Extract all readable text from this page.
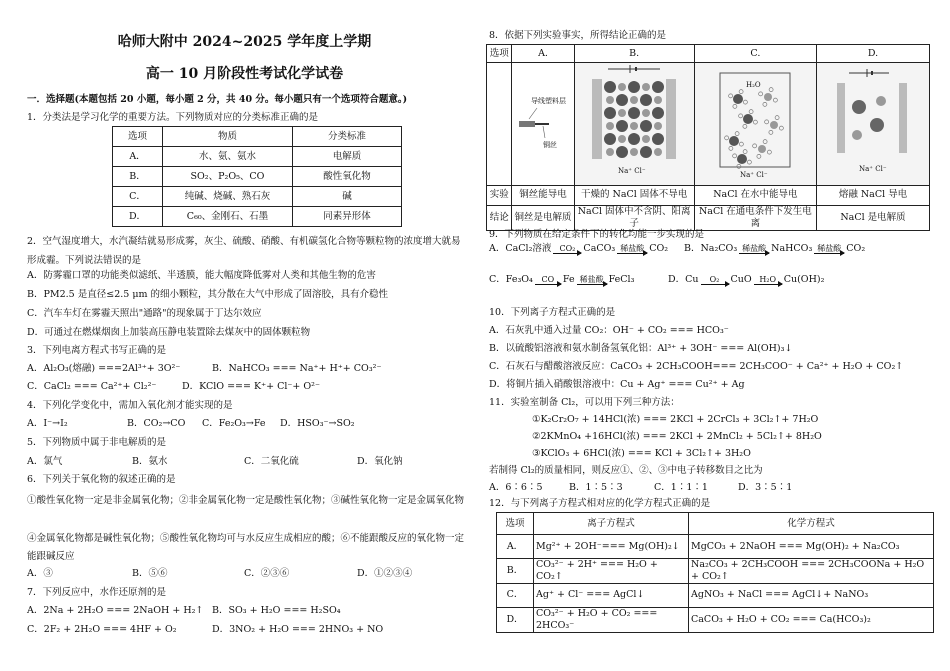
哈师大附中 2024~2025 学年度上学期
高一 10 月阶段性考试化学试卷
一．选择题(本题包括 20 小题，每小题 2 分，共 40 分。每小题只有一个选项符合题意。)
1．分类法是学习化学的重要方法。下列物质对应的分类标准正确的是
选项	物质	分类标准
A．	水、氨、氨水	电解质
B．	SO₂、P₂O₅、CO	酸性氧化物
C．	纯碱、烧碱、熟石灰	碱
D．	C₆₀、金刚石、石墨	同素异形体
2．空气湿度增大，水汽凝结就易形成雾，灰尘、硫酸、硝酸、有机碳氢化合物等颗粒物的浓度增大就易形成霾。下列说法错误的是
A．防雾霾口罩的功能类似滤纸、半透膜，能大幅度降低雾对人类和其他生物的危害
B．PM2.5 是直径≤2.5 μm 的细小颗粒，其分散在大气中形成了固溶胶，具有介稳性
C．汽车车灯在雾霾天照出"通路"的现象属于丁达尔效应
D．可通过在燃煤烟囱上加装高压静电装置除去煤灰中的固体颗粒物
3．下列电离方程式书写正确的是
A．Al₂O₃(熔融) ===2Al³⁺+ 3O²⁻	B．NaHCO₃ === Na⁺+ H⁺+ CO₃²⁻
C．CaCl₂ === Ca²⁺+ Cl₂²⁻	D．KClO === K⁺+ Cl⁻+ O²⁻
4．下列化学变化中，需加入氧化剂才能实现的是
A．I⁻→I₂	B．CO₂→CO C．Fe₂O₃→Fe D．HSO₃⁻→SO₂
5．下列物质中属于非电解质的是
A．氯气	B．氨水	C．二氧化硫	D．氧化钠
6．下列关于氧化物的叙述正确的是
①酸性氧化物一定是非金属氧化物；②非金属氧化物一定是酸性氧化物；③碱性氧化物一定是金属氧化物
④金属氧化物都是碱性氧化物；⑤酸性氧化物均可与水反应生成相应的酸；⑥不能跟酸反应的氧化物一定能跟碱反应
A．③	B．⑤⑥	C．②③⑥	D．①②③④
7．下列反应中，水作还原剂的是
A．2Na + 2H₂O === 2NaOH + H₂↑ B．SO₃ + H₂O === H₂SO₄
C．2F₂ + 2H₂O === 4HF + O₂	D．3NO₂ + H₂O === 2HNO₃ + NO
8．依据下列实验事实，所得结论正确的是
选项	A.	B.	C.	D.

导线塑料层
铜丝	Na⁺ Cl⁻	H₂O
Na⁺ Cl⁻	Na⁺ Cl⁻

实验	铜丝能导电	干燥的 NaCl 固体不导电	NaCl 在水中能导电	熔融 NaCl 导电
结论	铜丝是电解质	NaCl 固体中不含阴、阳离子	NaCl 在通电条件下发生电离	NaCl 是电解质
9．下列物质在给定条件下的转化均能一步实现的是
A．CaCl₂溶液	CO₂ CaCO₃ 稀盐酸 CO₂ B．Na₂CO₃ 稀盐酸 NaHCO₃ 稀盐酸 CO₂
C．Fe₃O₄	CO Fe 稀盐酸 FeCl₃	D．Cu	O₂	CuO H₂O Cu(OH)₂
10．下列离子方程式正确的是
A．石灰乳中通入过量 CO₂：OH⁻ + CO₂ === HCO₃⁻
B．以硫酸铝溶液和氨水制备氢氧化铝：Al³⁺ + 3OH⁻ === Al(OH)₃↓
C．石灰石与醋酸溶液反应：CaCO₃ + 2CH₃COOH=== 2CH₃COO⁻ + Ca²⁺ + H₂O + CO₂↑
D．将铜片插入硝酸银溶液中：Cu + Ag⁺ === Cu²⁺ + Ag
11．实验室制备 Cl₂，可以用下列三种方法：
①K₂Cr₂O₇ + 14HCl(浓) === 2KCl + 2CrCl₃ + 3Cl₂↑+ 7H₂O
②2KMnO₄ +16HCl(浓) === 2KCl + 2MnCl₂ + 5Cl₂↑+ 8H₂O
③KClO₃ + 6HCl(浓) === KCl + 3Cl₂↑+ 3H₂O
若制得 Cl₂的质量相同，则反应①、②、③中电子转移数目之比为
A．6∶6∶5	B．1∶5∶3	C．1∶1∶1	D．3∶5∶1
12．与下列离子方程式相对应的化学方程式正确的是
选项	离子方程式	化学方程式
A．	Mg²⁺ + 2OH⁻=== Mg(OH)₂↓	MgCO₃ + 2NaOH === Mg(OH)₂ + Na₂CO₃
B．	CO₃²⁻ + 2H⁺ === H₂O + CO₂↑	Na₂CO₃ + 2CH₃COOH === 2CH₃COONa + H₂O + CO₂↑
C．	Ag⁺ + Cl⁻ === AgCl↓	AgNO₃ + NaCl === AgCl↓+ NaNO₃
D．	CO₃²⁻ + H₂O + CO₂ === 2HCO₃⁻	CaCO₃ + H₂O + CO₂ === Ca(HCO₃)₂
